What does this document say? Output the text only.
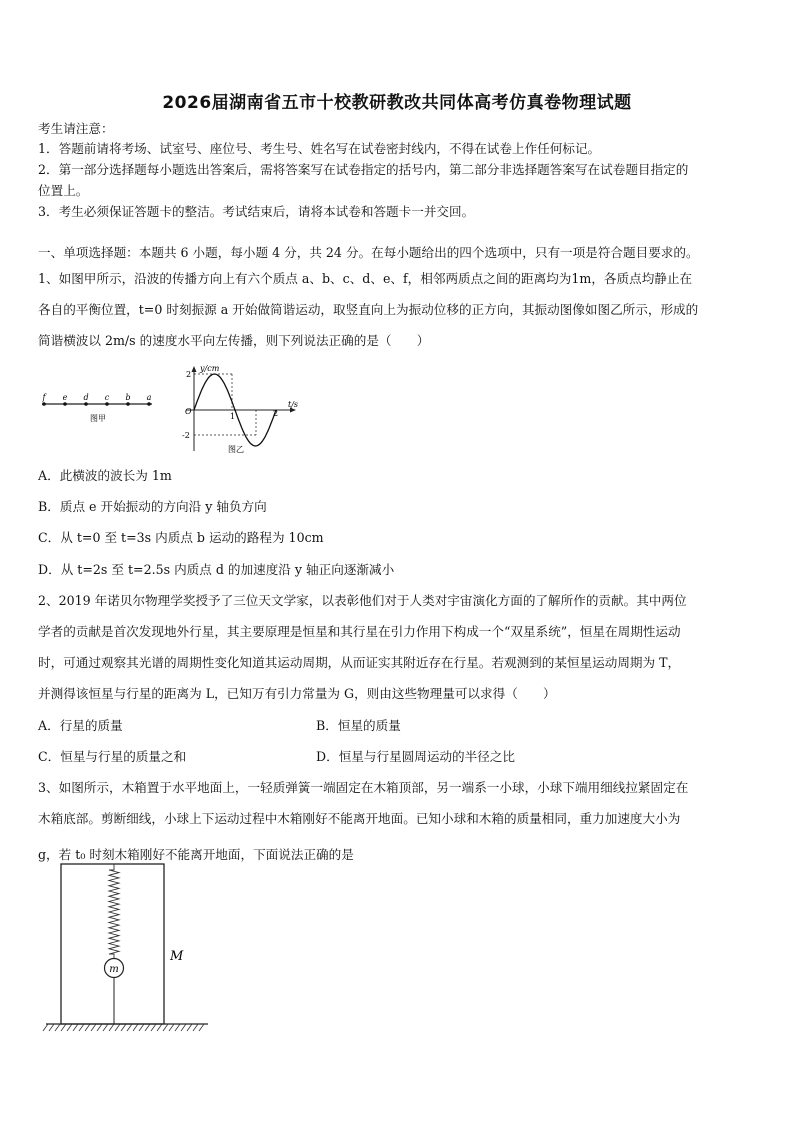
2026届湖南省五市十校教研教改共同体高考仿真卷物理试题
考生请注意：
1．答题前请将考场、试室号、座位号、考生号、姓名写在试卷密封线内，不得在试卷上作任何标记。
2．第一部分选择题每小题选出答案后，需将答案写在试卷指定的括号内，第二部分非选择题答案写在试卷题目指定的
位置上。
3．考生必须保证答题卡的整洁。考试结束后，请将本试卷和答题卡一并交回。
一、单项选择题：本题共 6 小题，每小题 4 分，共 24 分。在每小题给出的四个选项中，只有一项是符合题目要求的。
1、如图甲所示，沿波的传播方向上有六个质点 a、b、c、d、e、f，相邻两质点之间的距离均为1m，各质点均静止在
各自的平衡位置，t=0 时刻振源 a 开始做简谐运动，取竖直向上为振动位移的正方向，其振动图像如图乙所示，形成的
简谐横波以 2m/s 的速度水平向左传播，则下列说法正确的是（　　）
f e d c b a
图甲
y/cm
t/s
O
2
-2
1	2
图乙
A．此横波的波长为 1m
B．质点 e 开始振动的方向沿 y 轴负方向
C．从 t=0 至 t=3s 内质点 b 运动的路程为 10cm
D．从 t=2s 至 t=2.5s 内质点 d 的加速度沿 y 轴正向逐渐减小
2、2019 年诺贝尔物理学奖授予了三位天文学家，以表彰他们对于人类对宇宙演化方面的了解所作的贡献。其中两位
学者的贡献是首次发现地外行星，其主要原理是恒星和其行星在引力作用下构成一个“双星系统”，恒星在周期性运动
时，可通过观察其光谱的周期性变化知道其运动周期，从而证实其附近存在行星。若观测到的某恒星运动周期为 T，
并测得该恒星与行星的距离为 L，已知万有引力常量为 G，则由这些物理量可以求得（　　）
A．行星的质量	B．恒星的质量
C．恒星与行星的质量之和	D．恒星与行星圆周运动的半径之比
3、如图所示，木箱置于水平地面上，一轻质弹簧一端固定在木箱顶部，另一端系一小球，小球下端用细线拉紧固定在
木箱底部。剪断细线，小球上下运动过程中木箱刚好不能离开地面。已知小球和木箱的质量相同，重力加速度大小为
g，若 t₀ 时刻木箱刚好不能离开地面，下面说法正确的是
m
M
